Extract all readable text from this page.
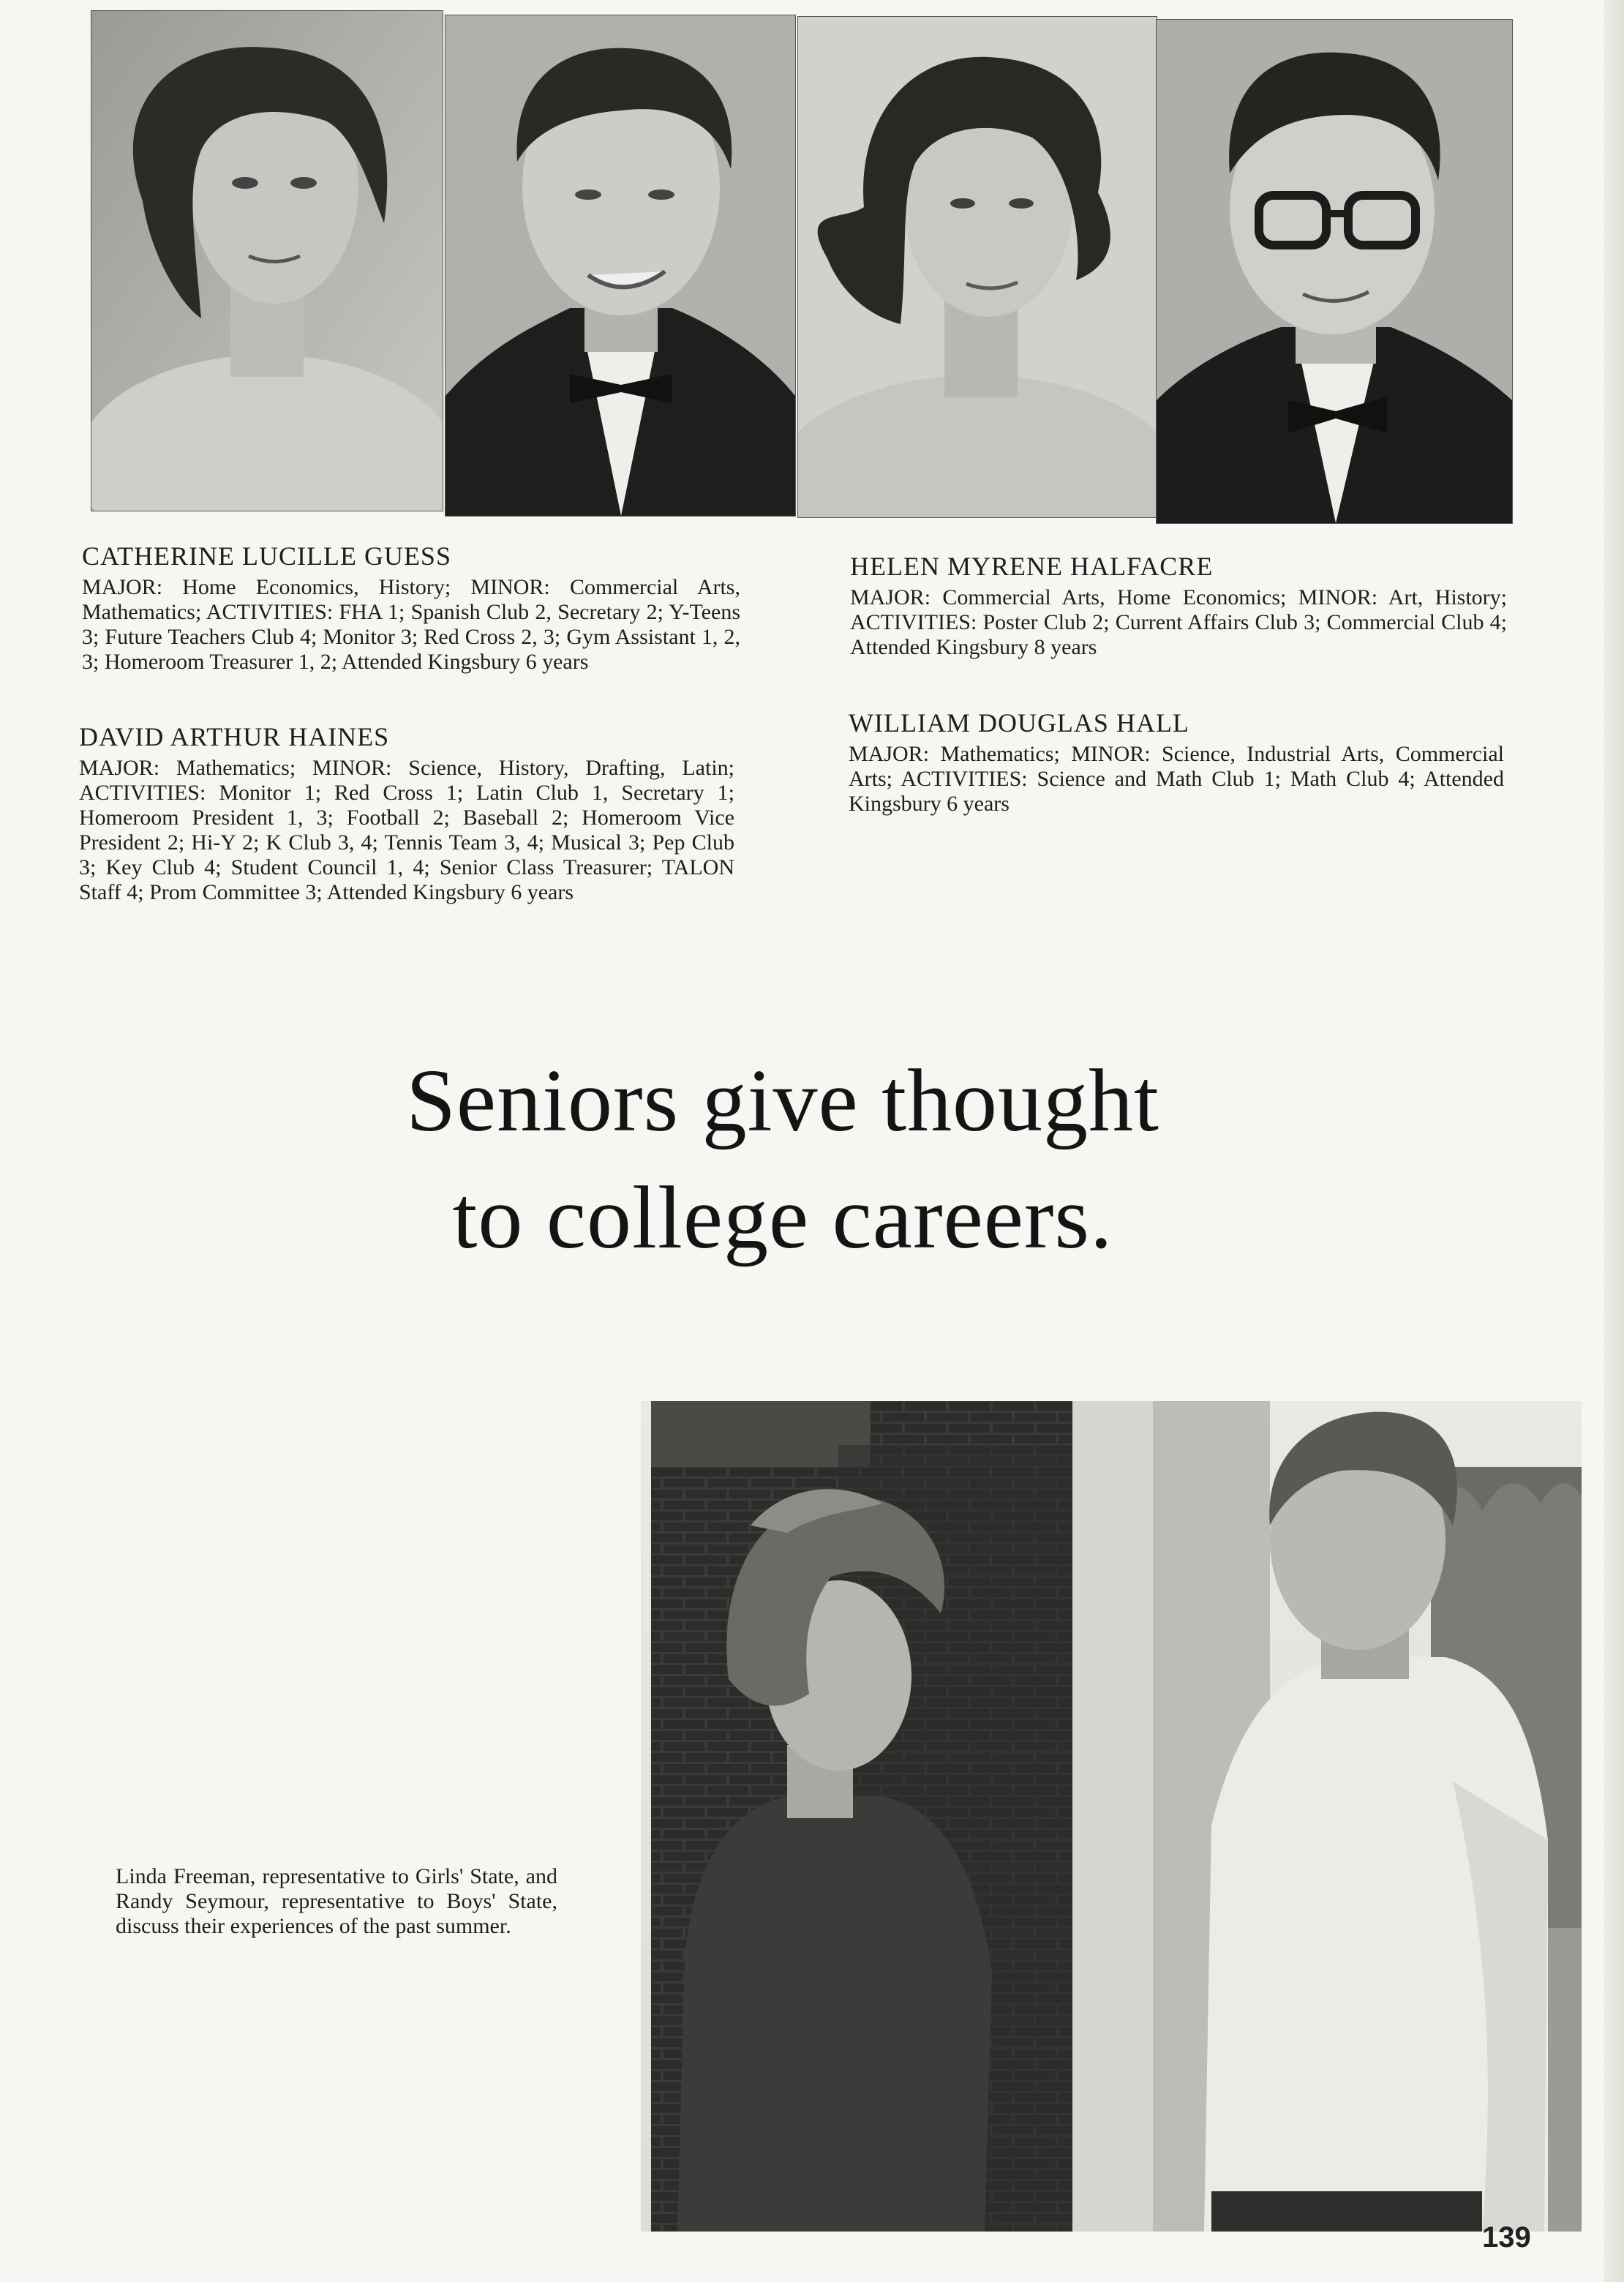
CATHERINE LUCILLE GUESS

MAJOR: Home Economics, History; MINOR: Commercial Arts, Mathematics; ACTIVITIES: FHA 1; Spanish Club 2, Secretary 2; Y-Teens 3; Future Teachers Club 4; Monitor 3; Red Cross 2, 3; Gym Assistant 1, 2, 3; Homeroom Treasurer 1, 2; Attended Kingsbury 6 years

DAVID ARTHUR HAINES

MAJOR: Mathematics; MINOR: Science, History, Drafting, Latin; ACTIVITIES: Monitor 1; Red Cross 1; Latin Club 1, Secretary 1; Homeroom President 1, 3; Football 2; Baseball 2; Homeroom Vice President 2; Hi-Y 2; K Club 3, 4; Tennis Team 3, 4; Musical 3; Pep Club 3; Key Club 4; Student Council 1, 4; Senior Class Treasurer; TALON Staff 4; Prom Committee 3; Attended Kingsbury 6 years

HELEN MYRENE HALFACRE

MAJOR: Commercial Arts, Home Economics; MINOR: Art, History; ACTIVITIES: Poster Club 2; Current Affairs Club 3; Commercial Club 4; Attended Kingsbury 8 years

WILLIAM DOUGLAS HALL

MAJOR: Mathematics; MINOR: Science, Industrial Arts, Commercial Arts; ACTIVITIES: Science and Math Club 1; Math Club 4; Attended Kingsbury 6 years

Seniors give thought
to college careers.

Linda Freeman, representative to Girls' State, and Randy Seymour, representative to Boys' State, discuss their experiences of the past summer.

139
